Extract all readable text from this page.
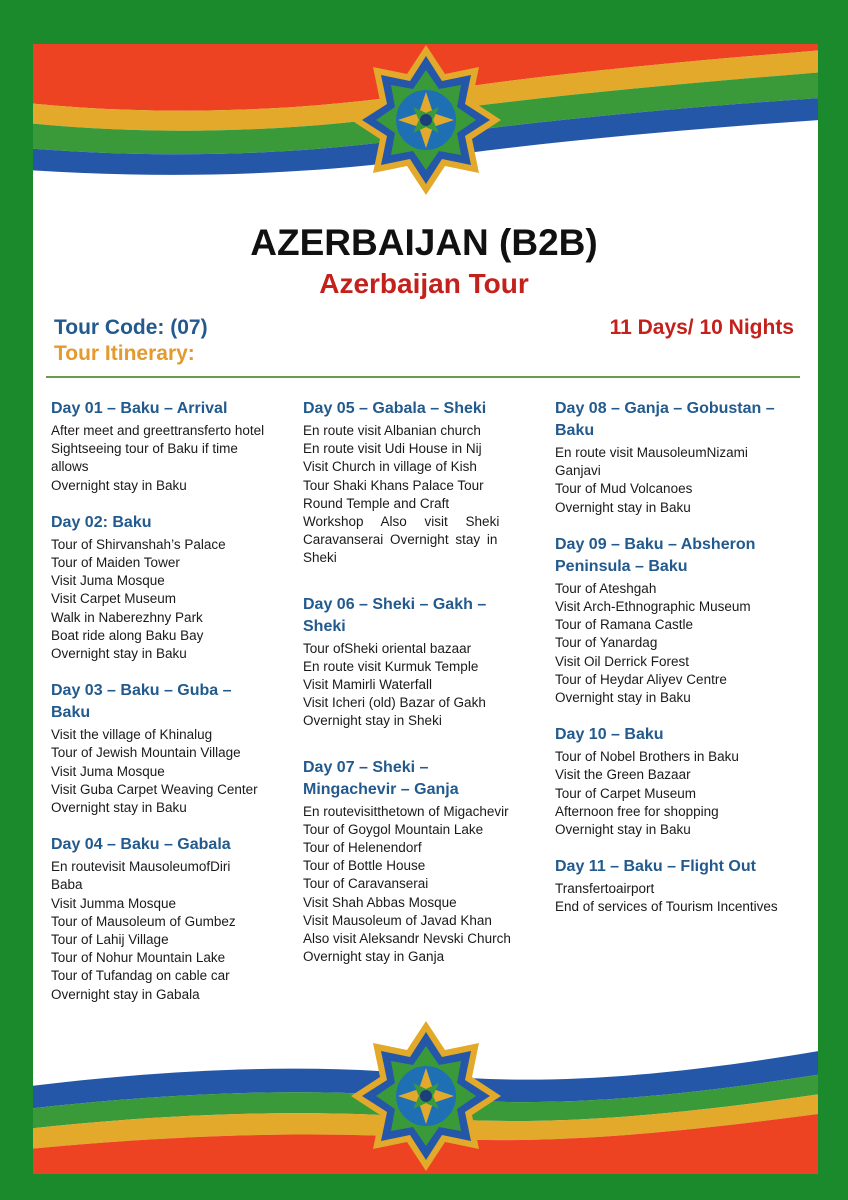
AZERBAIJAN (B2B)
Azerbaijan Tour
Tour Code: (07)
Tour Itinerary:
11 Days/ 10 Nights
Day 01 – Baku – Arrival
After meet and greettransferto hotel
Sightseeing tour of Baku if time
allows
Overnight stay in Baku
Day 02: Baku
Tour of Shirvanshah’s Palace
Tour of Maiden Tower
Visit Juma Mosque
Visit Carpet Museum
Walk in Naberezhny Park
Boat ride along Baku Bay
Overnight stay in Baku
Day 03 – Baku – Guba –
Baku
Visit the village of Khinalug
Tour of Jewish Mountain Village
Visit Juma Mosque
Visit Guba Carpet Weaving Center
Overnight stay in Baku
Day 04 – Baku – Gabala
En routevisit MausoleumofDiri
Baba
Visit Jumma Mosque
Tour of Mausoleum of Gumbez
Tour of Lahij Village
Tour of Nohur Mountain Lake
Tour of Tufandag on cable car
Overnight stay in Gabala
Day 05 – Gabala – Sheki
En route visit Albanian church
En route visit Udi House in Nij
Visit Church in village of Kish
Tour Shaki Khans Palace Tour
Round Temple and Craft
Workshop Also visit Sheki
Caravanserai Overnight stay in
Sheki
Day 06 – Sheki – Gakh –
Sheki
Tour ofSheki oriental bazaar
En route visit Kurmuk Temple
Visit Mamirli Waterfall
Visit Icheri (old) Bazar of Gakh
Overnight stay in Sheki
Day 07 – Sheki –
Mingachevir – Ganja
En routevisitthetown of Migachevir
Tour of Goygol Mountain Lake
Tour of Helenendorf
Tour of Bottle House
Tour of Caravanserai
Visit Shah Abbas Mosque
Visit Mausoleum of Javad Khan
Also visit Aleksandr Nevski Church
Overnight stay in Ganja
Day 08 – Ganja – Gobustan –
Baku
En route visit MausoleumNizami
Ganjavi
Tour of Mud Volcanoes
Overnight stay in Baku
Day 09 – Baku – Absheron
Peninsula – Baku
Tour of Ateshgah
Visit Arch-Ethnographic Museum
Tour of Ramana Castle
Tour of Yanardag
Visit Oil Derrick Forest
Tour of Heydar Aliyev Centre
Overnight stay in Baku
Day 10 – Baku
Tour of Nobel Brothers in Baku
Visit the Green Bazaar
Tour of Carpet Museum
Afternoon free for shopping
Overnight stay in Baku
Day 11 – Baku – Flight Out
Transfertoairport
End of services of Tourism Incentives
